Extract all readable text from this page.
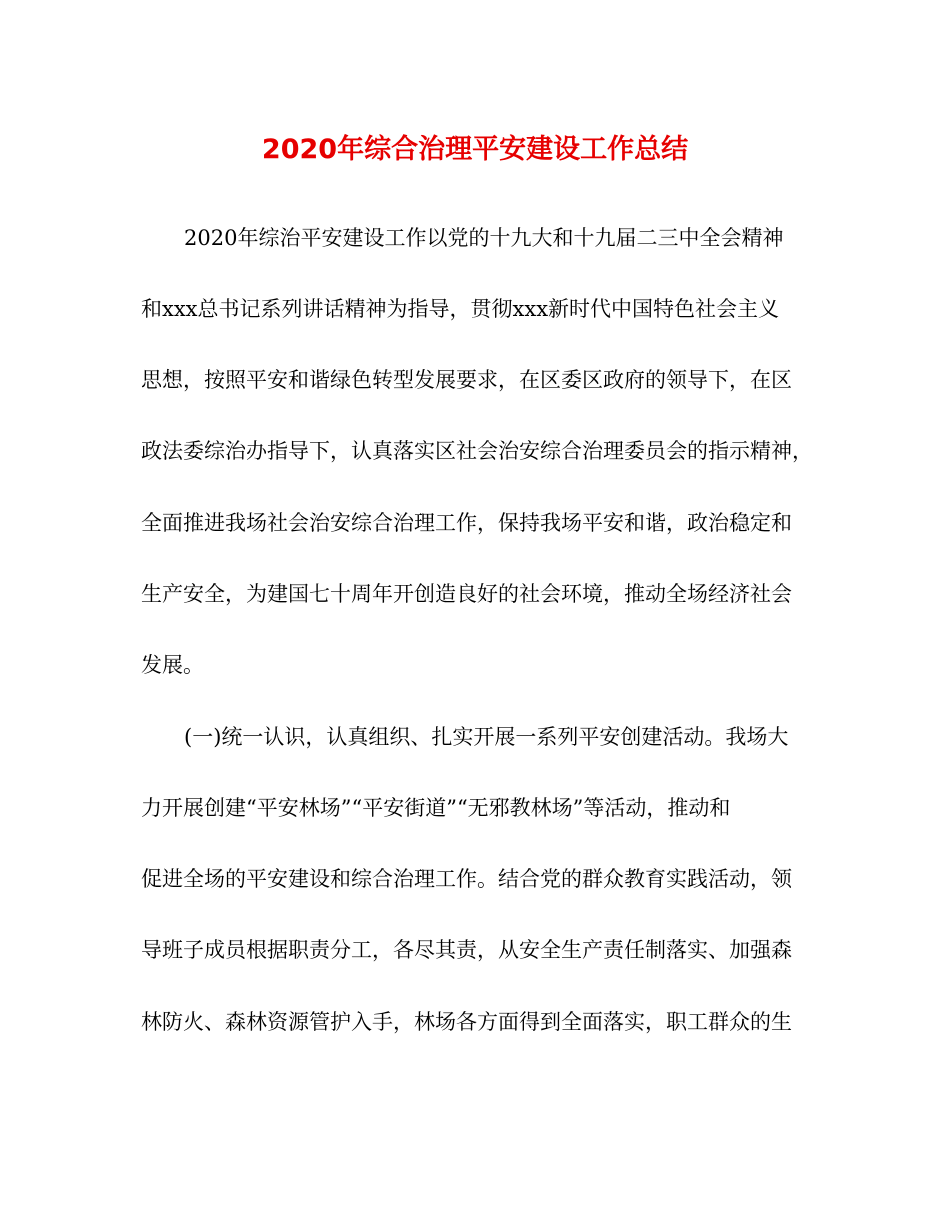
2020年综合治理平安建设工作总结
2020年综治平安建设工作以党的十九大和十九届二三中全会精神
和xxx总书记系列讲话精神为指导，贯彻xxx新时代中国特色社会主义
思想，按照平安和谐绿色转型发展要求，在区委区政府的领导下，在区
政法委综治办指导下，认真落实区社会治安综合治理委员会的指示精神，
全面推进我场社会治安综合治理工作，保持我场平安和谐，政治稳定和
生产安全，为建国七十周年开创造良好的社会环境，推动全场经济社会
发展。
(一)统一认识，认真组织、扎实开展一系列平安创建活动。我场大
力开展创建“平安林场”“平安街道”“无邪教林场”等活动，推动和
促进全场的平安建设和综合治理工作。结合党的群众教育实践活动，领
导班子成员根据职责分工，各尽其责，从安全生产责任制落实、加强森
林防火、森林资源管护入手，林场各方面得到全面落实，职工群众的生
